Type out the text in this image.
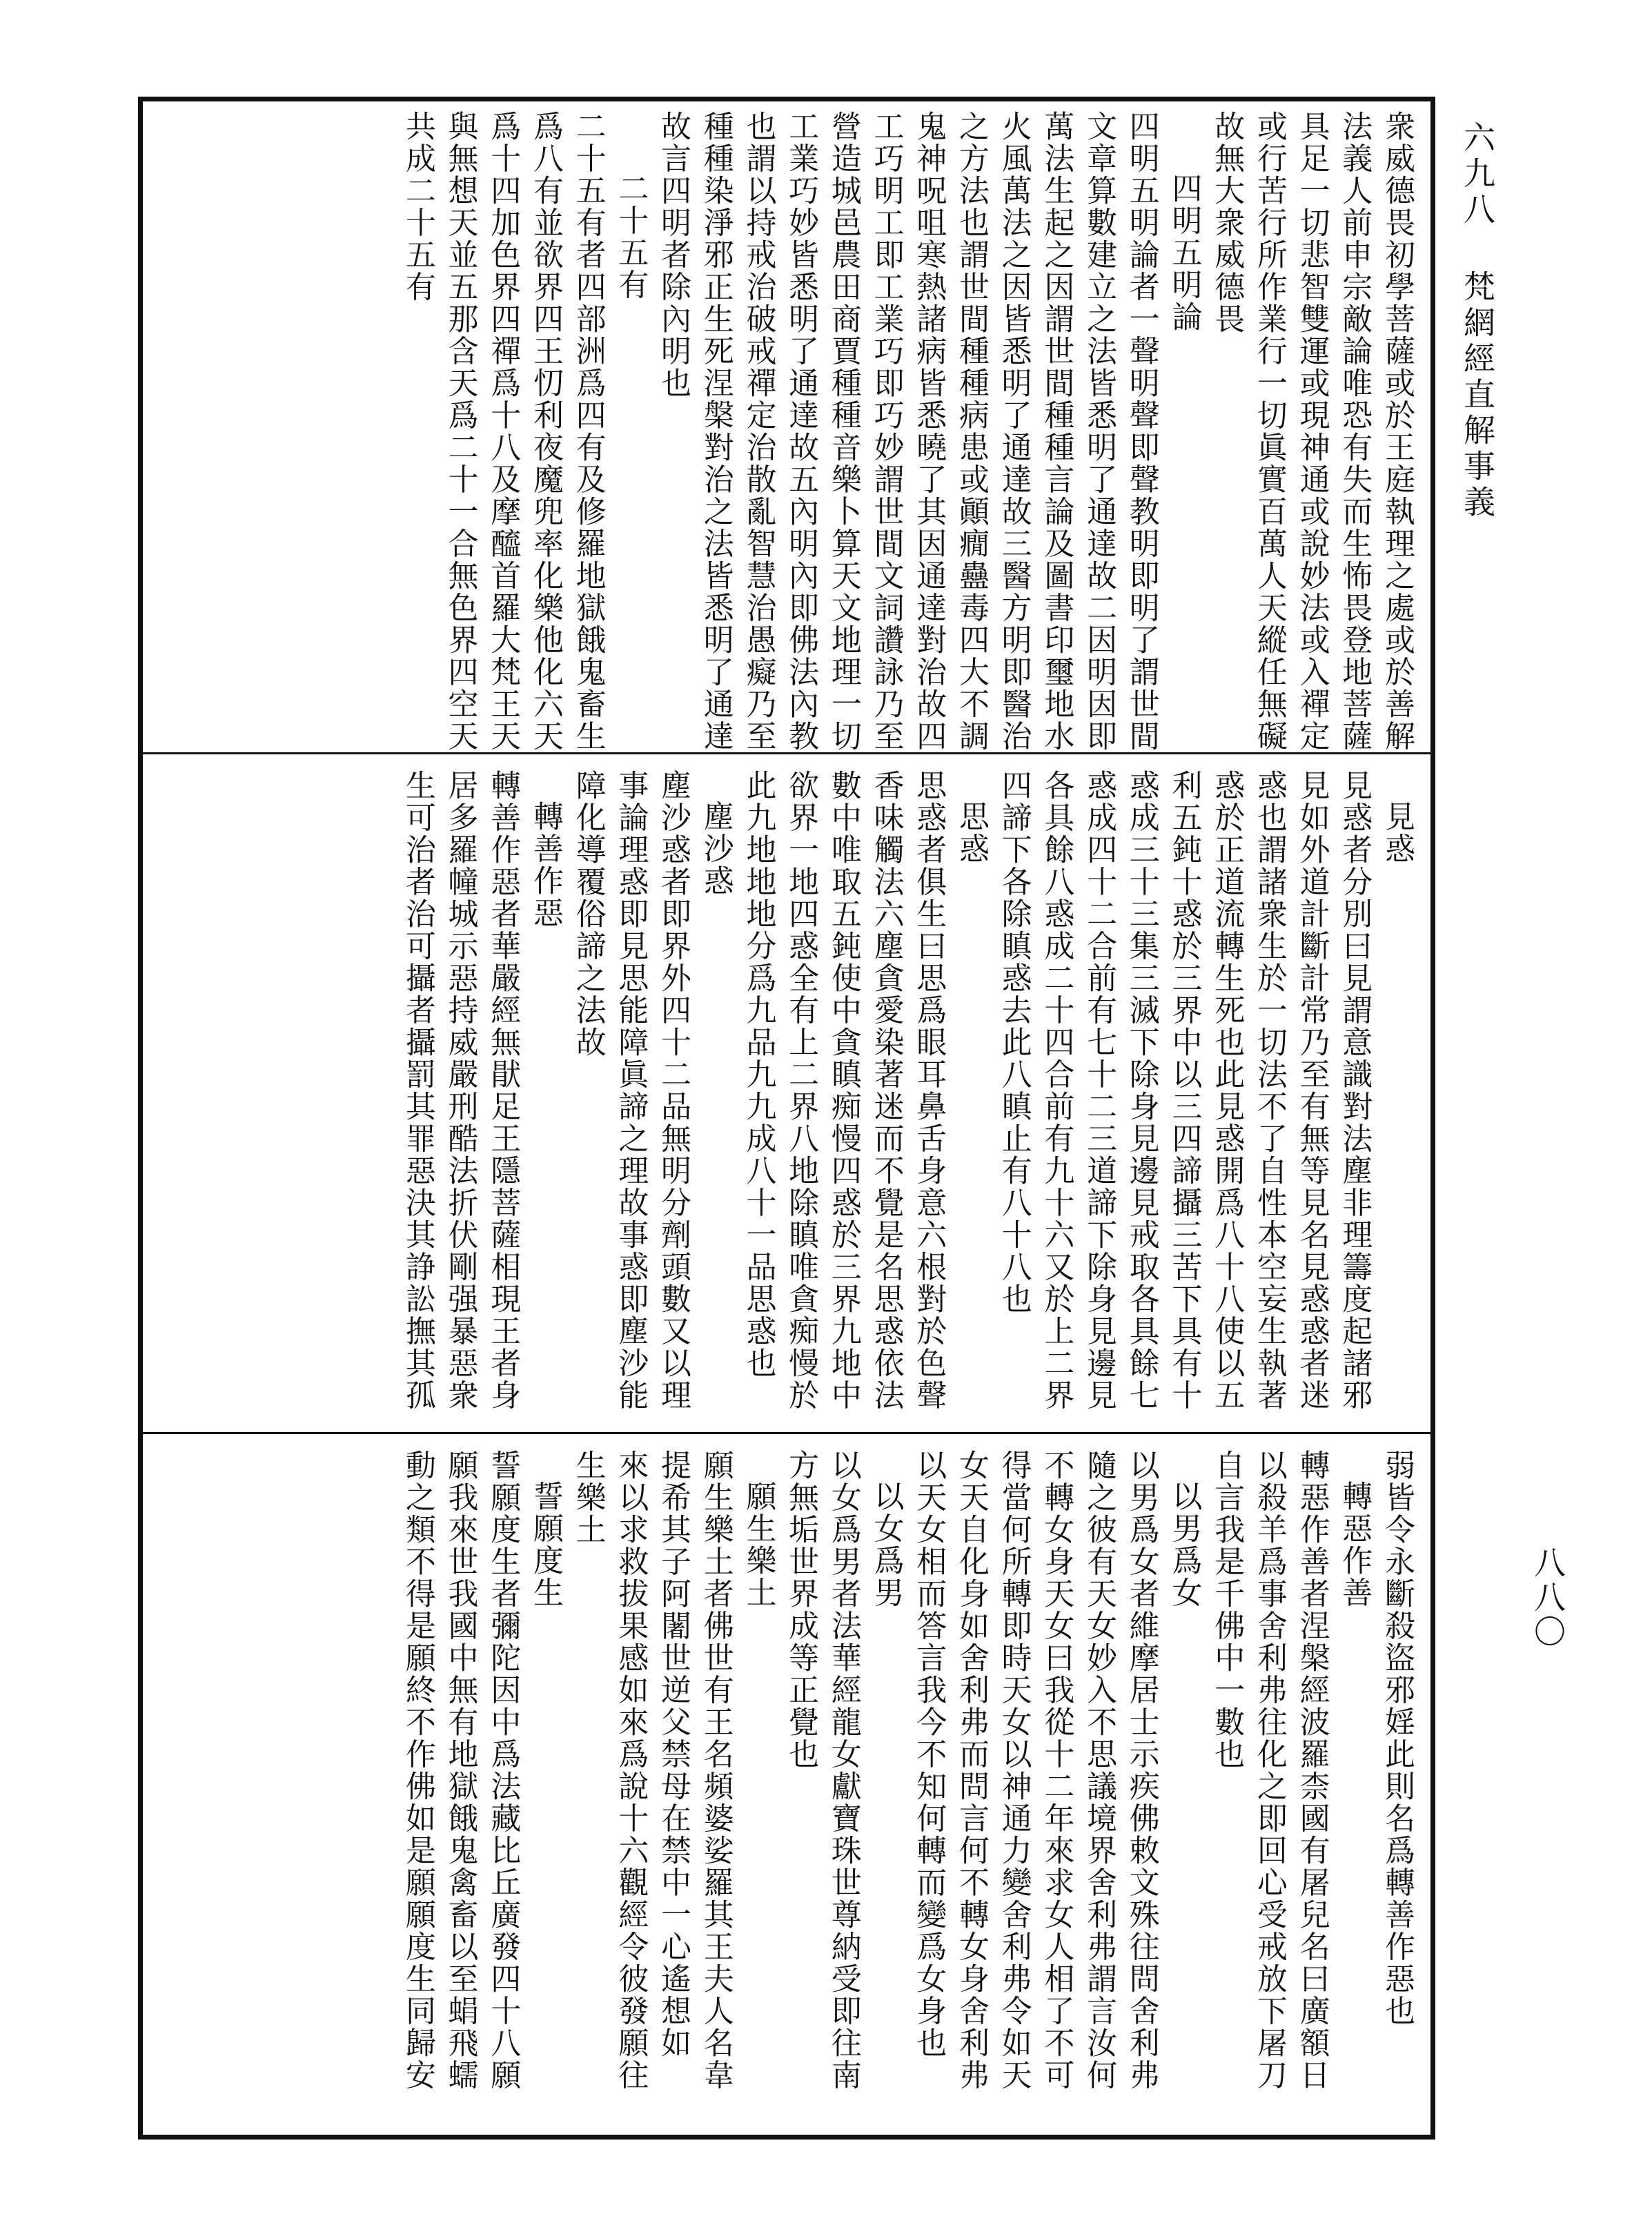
六九八梵網經直解事義
八八〇
衆威德畏初學菩薩或於王庭執理之處或於善解
法義人前申宗敵論唯恐有失而生怖畏登地菩薩
具足一切悲智雙運或現神通或說妙法或入禪定
或行苦行所作業行一切眞實百萬人天縱任無礙
故無大衆威德畏
四明五明論
四明五明論者一聲明聲即聲教明即明了謂世間
文章算數建立之法皆悉明了通達故二因明因即
萬法生起之因謂世間種種言論及圖書印璽地水
火風萬法之因皆悉明了通達故三醫方明即醫治
之方法也謂世間種種病患或顚癇蠱毒四大不調
鬼神呪咀寒熱諸病皆悉曉了其因通達對治故四
工巧明工即工業巧即巧妙謂世間文詞讚詠乃至
營造城邑農田商賈種種音樂卜算天文地理一切
工業巧妙皆悉明了通達故五內明內即佛法內教
也謂以持戒治破戒禪定治散亂智慧治愚癡乃至
種種染淨邪正生死涅槃對治之法皆悉明了通達
故言四明者除內明也
二十五有
二十五有者四部洲爲四有及修羅地獄餓鬼畜生
爲八有並欲界四王忉利夜魔兜率化樂他化六天
爲十四加色界四禪爲十八及摩醯首羅大梵王天
與無想天並五那含天爲二十一合無色界四空天
共成二十五有
見惑
見惑者分別曰見謂意識對法塵非理籌度起諸邪
見如外道計斷計常乃至有無等見名見惑惑者迷
惑也謂諸衆生於一切法不了自性本空妄生執著
惑於正道流轉生死也此見惑開爲八十八使以五
利五鈍十惑於三界中以三四諦攝三苦下具有十
惑成三十三集三滅下除身見邊見戒取各具餘七
惑成四十二合前有七十二三道諦下除身見邊見
各具餘八惑成二十四合前有九十六又於上二界
四諦下各除瞋惑去此八瞋止有八十八也
思惑
思惑者俱生曰思爲眼耳鼻舌身意六根對於色聲
香味觸法六塵貪愛染著迷而不覺是名思惑依法
數中唯取五鈍使中貪瞋痴慢四惑於三界九地中
欲界一地四惑全有上二界八地除瞋唯貪痴慢於
此九地地地分爲九品九九成八十一品思惑也
塵沙惑
塵沙惑者即界外四十二品無明分劑頭數又以理
事論理惑即見思能障眞諦之理故事惑即塵沙能
障化導覆俗諦之法故
轉善作惡
轉善作惡者華嚴經無猒足王隱菩薩相現王者身
居多羅幢城示惡持威嚴刑酷法折伏剛强暴惡衆
生可治者治可攝者攝罰其罪惡決其諍訟撫其孤
弱皆令永斷殺盜邪婬此則名爲轉善作惡也
轉惡作善
轉惡作善者涅槃經波羅柰國有屠兒名曰廣額日
以殺羊爲事舍利弗往化之即回心受戒放下屠刀
自言我是千佛中一數也
以男爲女
以男爲女者維摩居士示疾佛敕文殊往問舍利弗
隨之彼有天女妙入不思議境界舍利弗謂言汝何
不轉女身天女曰我從十二年來求女人相了不可
得當何所轉即時天女以神通力變舍利弗令如天
女天自化身如舍利弗而問言何不轉女身舍利弗
以天女相而答言我今不知何轉而變爲女身也
以女爲男
以女爲男者法華經龍女獻寶珠世尊納受即往南
方無垢世界成等正覺也
願生樂土
願生樂土者佛世有王名頻婆娑羅其王夫人名韋
提希其子阿闍世逆父禁母在禁中一心遙想如
來以求救拔果感如來爲說十六觀經令彼發願往
生樂土
誓願度生
誓願度生者彌陀因中爲法藏比丘廣發四十八願
願我來世我國中無有地獄餓鬼禽畜以至蜎飛蠕
動之類不得是願終不作佛如是願願度生同歸安
